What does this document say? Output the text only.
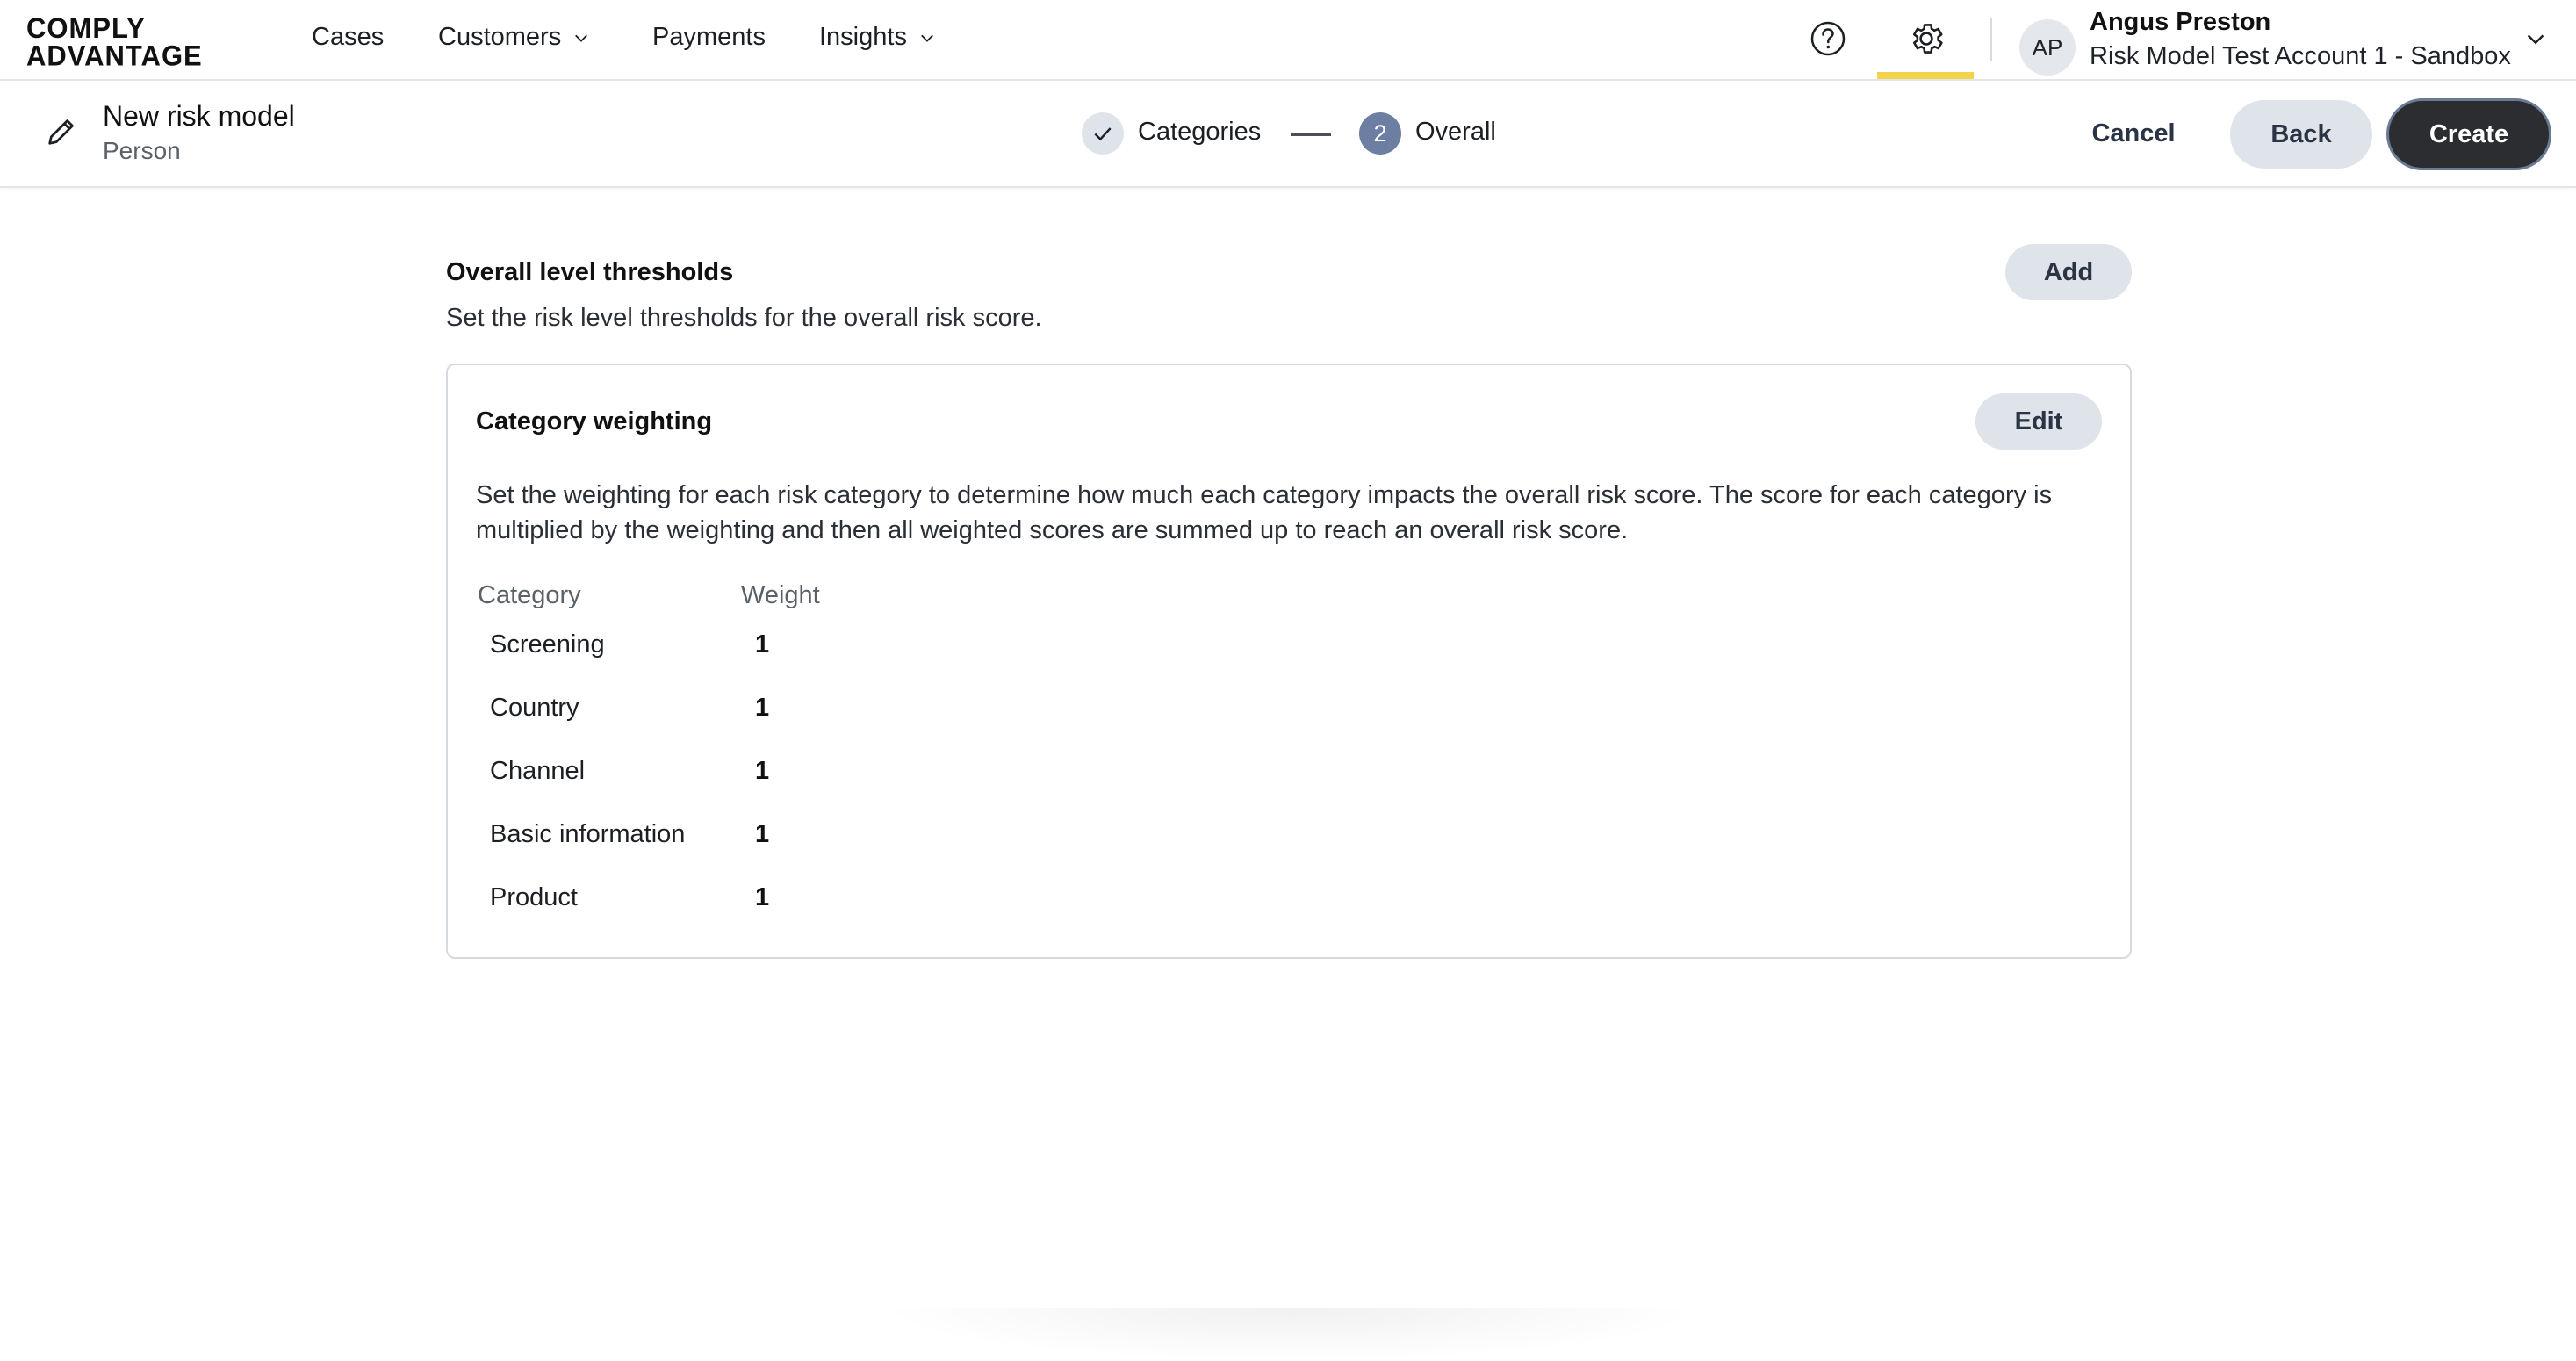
COMPLY
ADVANTAGE
Cases Customers	Payments Insights	AP
Angus Preston
Risk Model Test Account 1 - Sandbox
New risk model
Person
Categories	2 Overall	Cancel	Back	Create
Overall level thresholds
Set the risk level thresholds for the overall risk score.
Add
Category weighting	Edit
Set the weighting for each risk category to determine how much each category impacts the overall risk score. The score for each category is multiplied by the weighting and then all weighted scores are summed up to reach an overall risk score.
Category	Weight
Screening	1
Country	1
Channel	1
Basic information	1
Product	1
